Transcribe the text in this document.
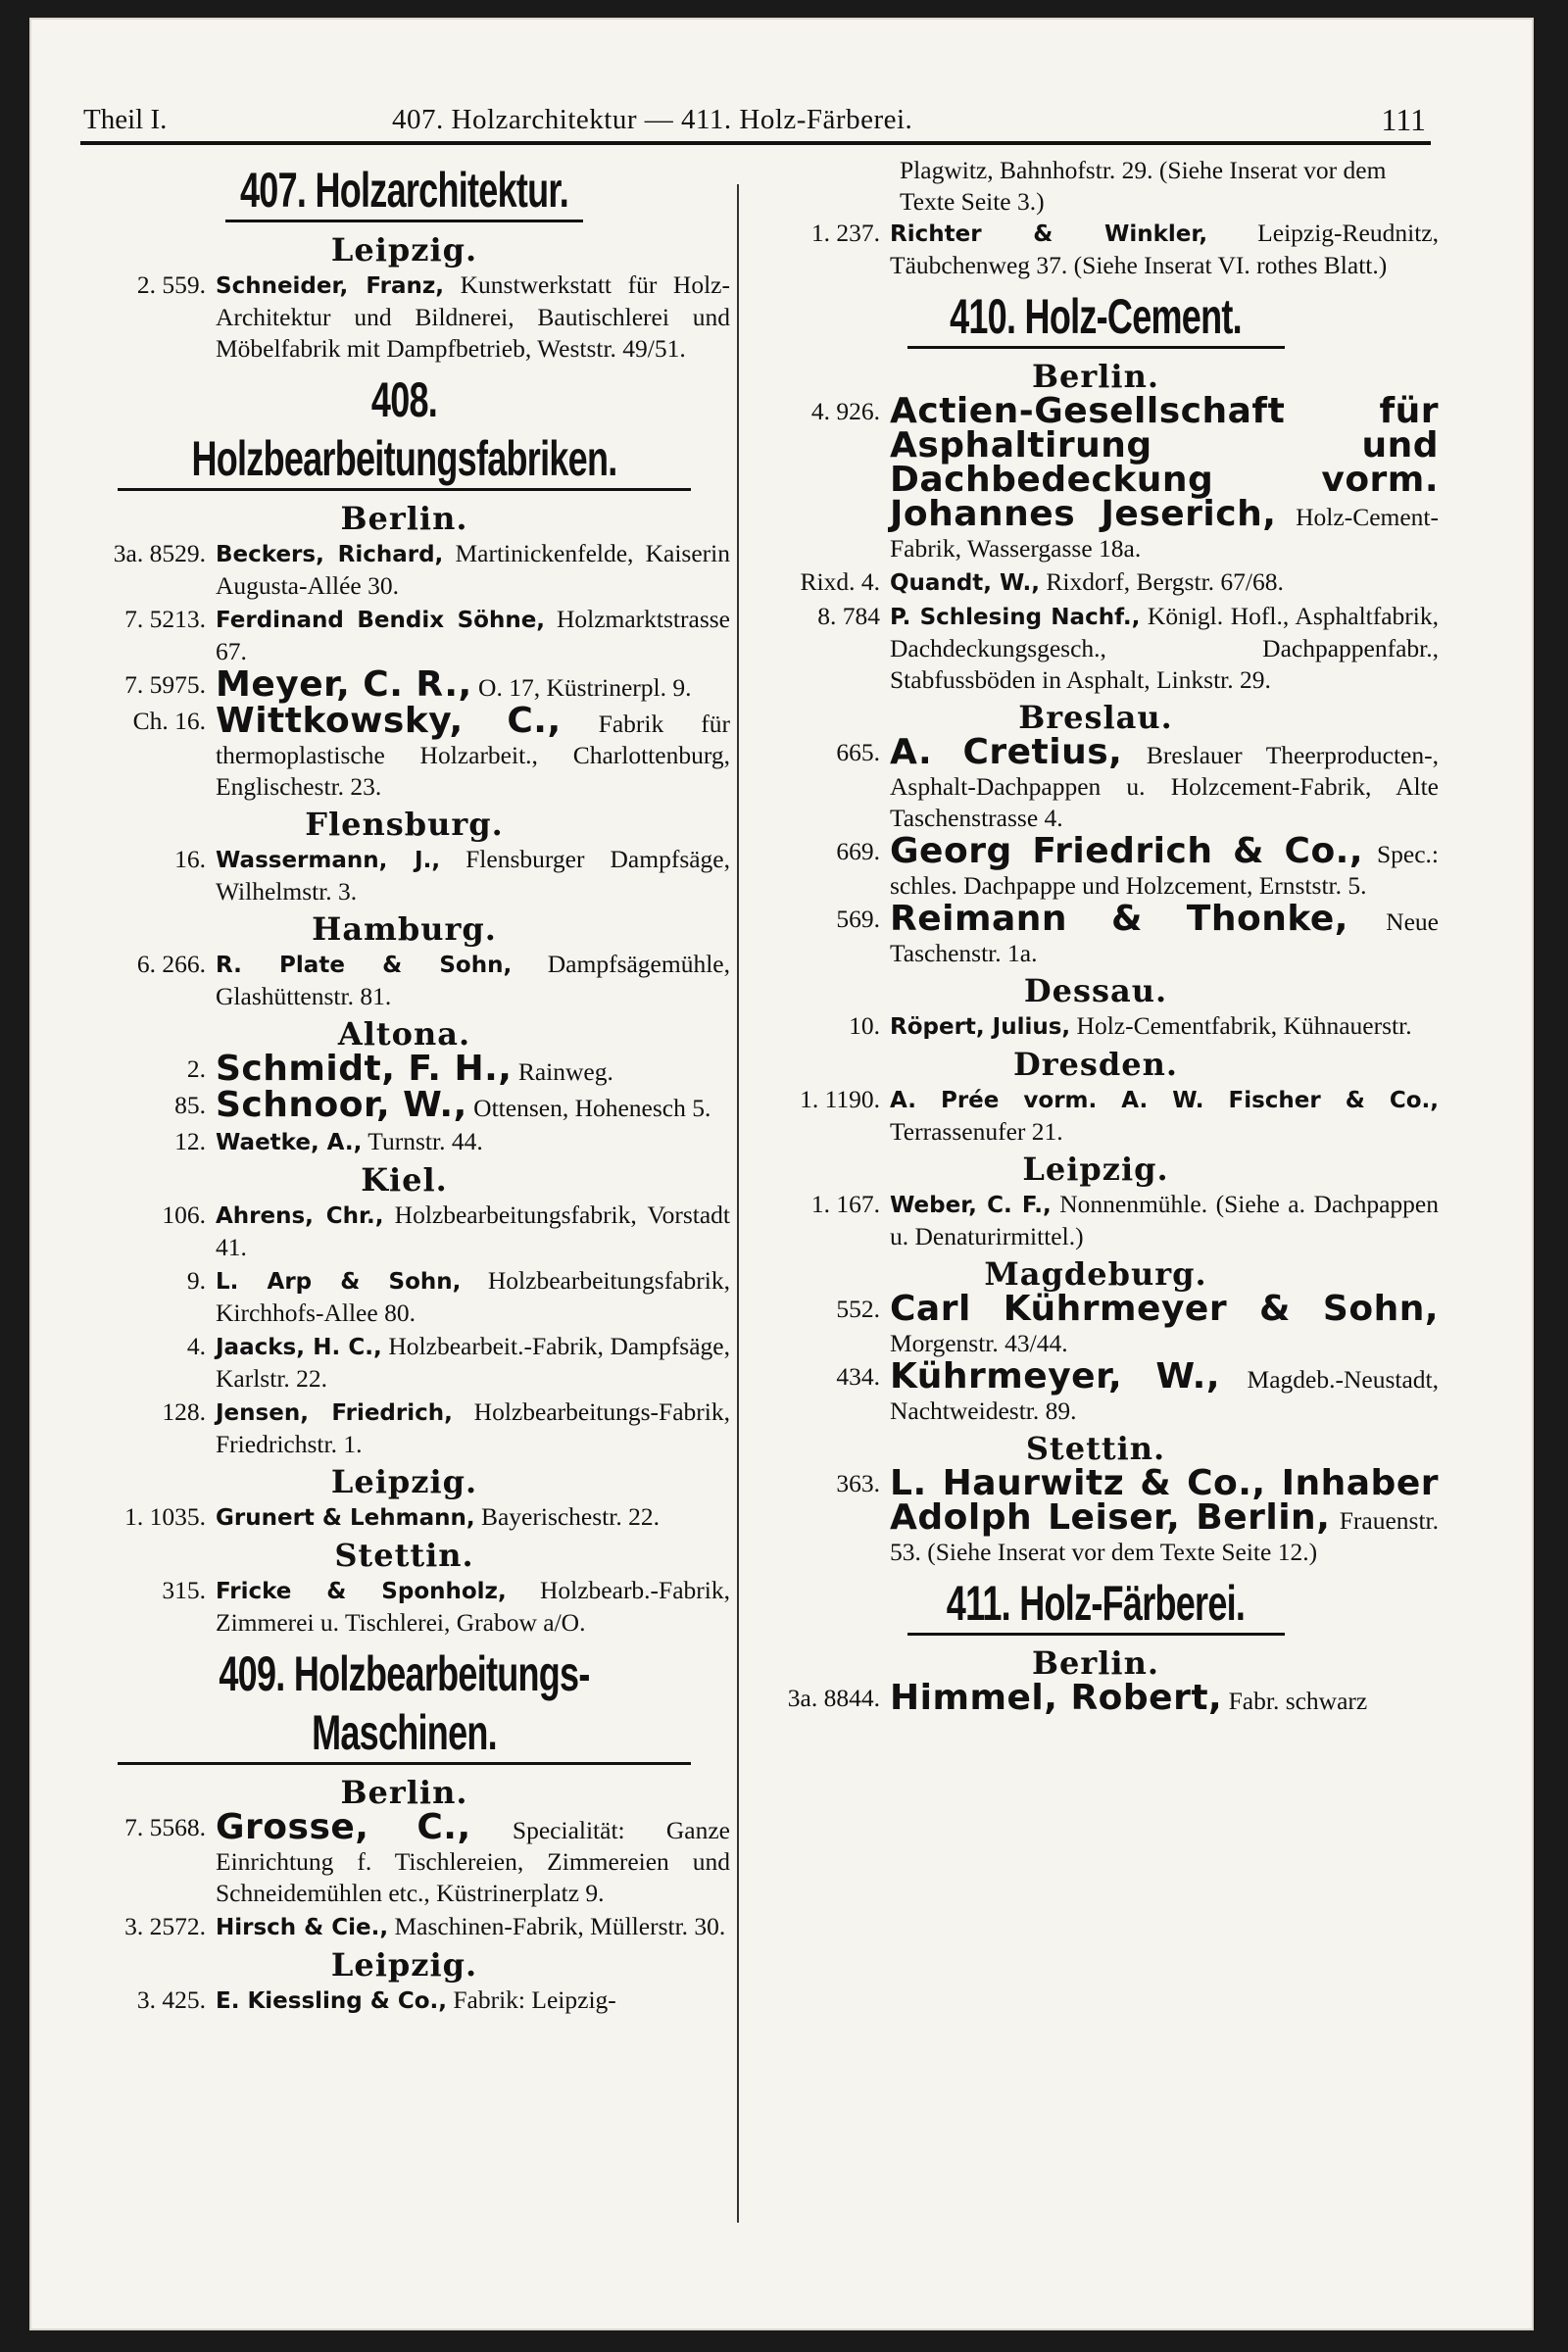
Theil I.	407. Holzarchitektur — 411. Holz-Färberei.	111
407. Holzarchitektur.
Leipzig.
2. 559. Schneider, Franz, Kunstwerkstatt für Holz-Architektur und Bildnerei, Bautischlerei und Möbelfabrik mit Dampfbetrieb, Weststr. 49/51.
408. Holzbearbeitungsfabriken.
Berlin.
3a. 8529. Beckers, Richard, Martinickenfelde, Kaiserin Augusta-Allée 30.
7. 5213. Ferdinand Bendix Söhne, Holzmarktstrasse 67.
7. 5975. Meyer, C. R., O. 17, Küstrinerpl. 9.
Ch. 16. Wittkowsky, C., Fabrik für thermoplastische Holzarbeit., Charlottenburg, Englischestr. 23.
Flensburg.
16. Wassermann, J., Flensburger Dampfsäge, Wilhelmstr. 3.
Hamburg.
6. 266. R. Plate & Sohn, Dampfsägemühle, Glashüttenstr. 81.
Altona.
2. Schmidt, F. H., Rainweg.
85. Schnoor, W., Ottensen, Hohenesch 5.
12. Waetke, A., Turnstr. 44.
Kiel.
106. Ahrens, Chr., Holzbearbeitungsfabrik, Vorstadt 41.
9. L. Arp & Sohn, Holzbearbeitungsfabrik, Kirchhofs-Allee 80.
4. Jaacks, H. C., Holzbearbeit.-Fabrik, Dampfsäge, Karlstr. 22.
128. Jensen, Friedrich, Holzbearbeitungs-Fabrik, Friedrichstr. 1.
Leipzig.
1. 1035. Grunert & Lehmann, Bayerischestr. 22.
Stettin.
315. Fricke & Sponholz, Holzbearb.-Fabrik, Zimmerei u. Tischlerei, Grabow a/O.
409. Holzbearbeitungs-Maschinen.
Berlin.
7. 5568. Grosse, C., Specialität: Ganze Einrichtung f. Tischlereien, Zimmereien und Schneidemühlen etc., Küstrinerplatz 9.
3. 2572. Hirsch & Cie., Maschinen-Fabrik, Müllerstr. 30.
Leipzig.
3. 425. E. Kiessling & Co., Fabrik: Leipzig-
Plagwitz, Bahnhofstr. 29. (Siehe Inserat vor dem Texte Seite 3.)
1. 237. Richter & Winkler, Leipzig-Reudnitz, Täubchenweg 37. (Siehe Inserat VI. rothes Blatt.)
410. Holz-Cement.
Berlin.
4. 926. Actien-Gesellschaft für Asphaltirung und Dachbedeckung vorm. Johannes Jeserich, Holz-Cement-Fabrik, Wassergasse 18a.
Rixd. 4. Quandt, W., Rixdorf, Bergstr. 67/68.
8. 784 P. Schlesing Nachf., Königl. Hofl., Asphaltfabrik, Dachdeckungsgesch., Dachpappenfabr., Stabfussböden in Asphalt, Linkstr. 29.
Breslau.
665. A. Cretius, Breslauer Theerproducten-, Asphalt-Dachpappen u. Holzcement-Fabrik, Alte Taschenstrasse 4.
669. Georg Friedrich & Co., Spec.: schles. Dachpappe und Holzcement, Ernststr. 5.
569. Reimann & Thonke, Neue Taschenstr. 1a.
Dessau.
10. Röpert, Julius, Holz-Cementfabrik, Kühnauerstr.
Dresden.
1. 1190. A. Prée vorm. A. W. Fischer & Co., Terrassenufer 21.
Leipzig.
1. 167. Weber, C. F., Nonnenmühle. (Siehe a. Dachpappen u. Denaturirmittel.)
Magdeburg.
552. Carl Kührmeyer & Sohn, Morgenstr. 43/44.
434. Kührmeyer, W., Magdeb.-Neustadt, Nachtweidestr. 89.
Stettin.
363. L. Haurwitz & Co., Inhaber Adolph Leiser, Berlin, Frauenstr. 53. (Siehe Inserat vor dem Texte Seite 12.)
411. Holz-Färberei.
Berlin.
3a. 8844. Himmel, Robert, Fabr. schwarz
